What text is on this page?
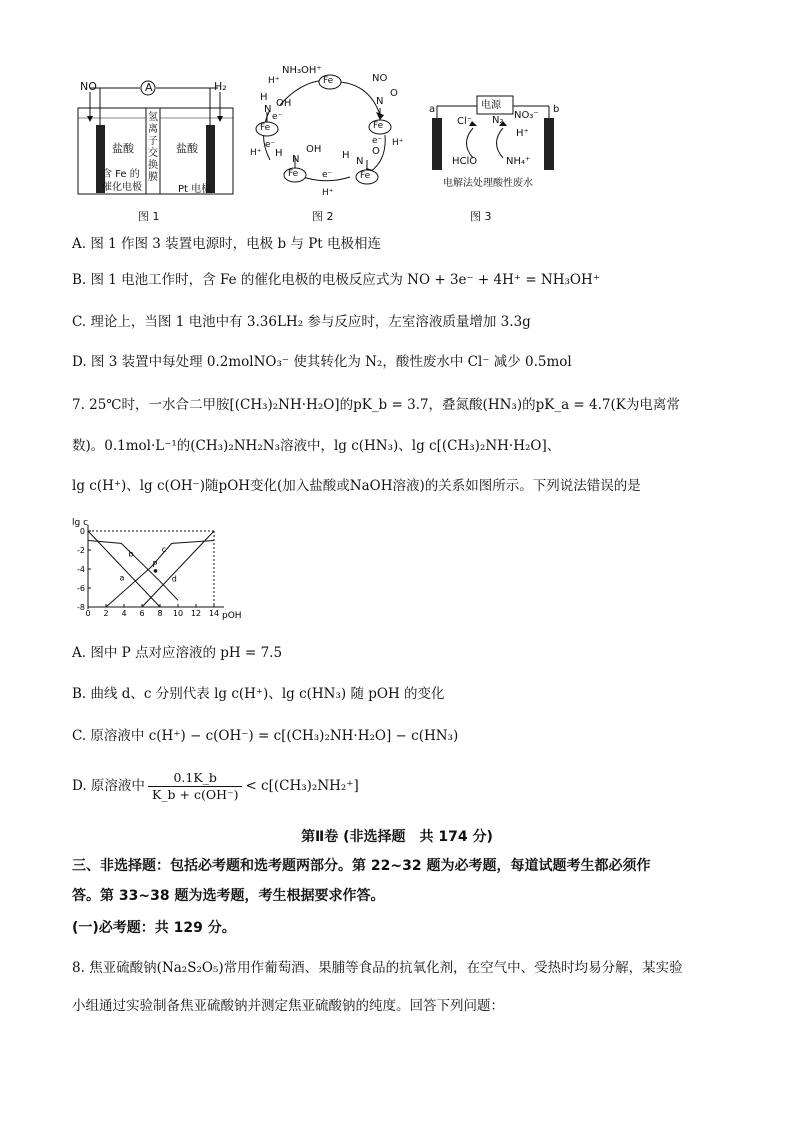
NO	A	H₂
盐酸	盐酸
氢
离
子
交
换
膜
含 Fe 的
催化电极	Pt 电极
图 1
NH₃OH⁺
NO
Fe
Fe
Fe
Fe
Fe
N
O
H⁺
H
N
OH
e⁻
H⁺
e⁻
H
N
OH
e⁻ H⁺
H
N
O
e⁻
H⁺
图 2
电源
a	b
Cl⁻ N₂ NO₃⁻
H⁺
HClO	NH₄⁺
电解法处理酸性废水
图 3
A. 图 1 作图 3 装置电源时，电极 b 与 Pt 电极相连
B. 图 1 电池工作时，含 Fe 的催化电极的电极反应式为 NO + 3e⁻ + 4H⁺ = NH₃OH⁺
C. 理论上，当图 1 电池中有 3.36LH₂ 参与反应时，左室溶液质量增加 3.3g
D. 图 3 装置中每处理 0.2molNO₃⁻ 使其转化为 N₂，酸性废水中 Cl⁻ 减少 0.5mol
7. 25℃时，一水合二甲胺[(CH₃)₂NH·H₂O]的pK_b = 3.7，叠氮酸(HN₃)的pK_a = 4.7(K为电离常
数)。0.1mol·L⁻¹的(CH₃)₂NH₂N₃溶液中，lg c(HN₃)、lg c[(CH₃)₂NH·H₂O]、
lg c(H⁺)、lg c(OH⁻)随pOH变化(加入盐酸或NaOH溶液)的关系如图所示。下列说法错误的是
lg c
pOH
0
-2
-4
-6
-8
0 2 4 6 8 10 12 14
a
b
c
d
P
A. 图中 P 点对应溶液的 pH = 7.5
B. 曲线 d、c 分别代表 lg c(H⁺)、lg c(HN₃) 随 pOH 的变化
C. 原溶液中 c(H⁺) − c(OH⁻) = c[(CH₃)₂NH·H₂O] − c(HN₃)
D. 原溶液中 $\frac{0.1K\_b}{K\_b + c(OH^-)} < c[(CH_3)_2NH_2^+]$
第Ⅱ卷 (非选择题　共 174 分)
三、非选择题：包括必考题和选考题两部分。第 22~32 题为必考题，每道试题考生都必须作
答。第 33~38 题为选考题，考生根据要求作答。
(一)必考题：共 129 分。
8. 焦亚硫酸钠(Na₂S₂O₅)常用作葡萄酒、果脯等食品的抗氧化剂，在空气中、受热时均易分解，某实验
小组通过实验制备焦亚硫酸钠并测定焦亚硫酸钠的纯度。回答下列问题：
